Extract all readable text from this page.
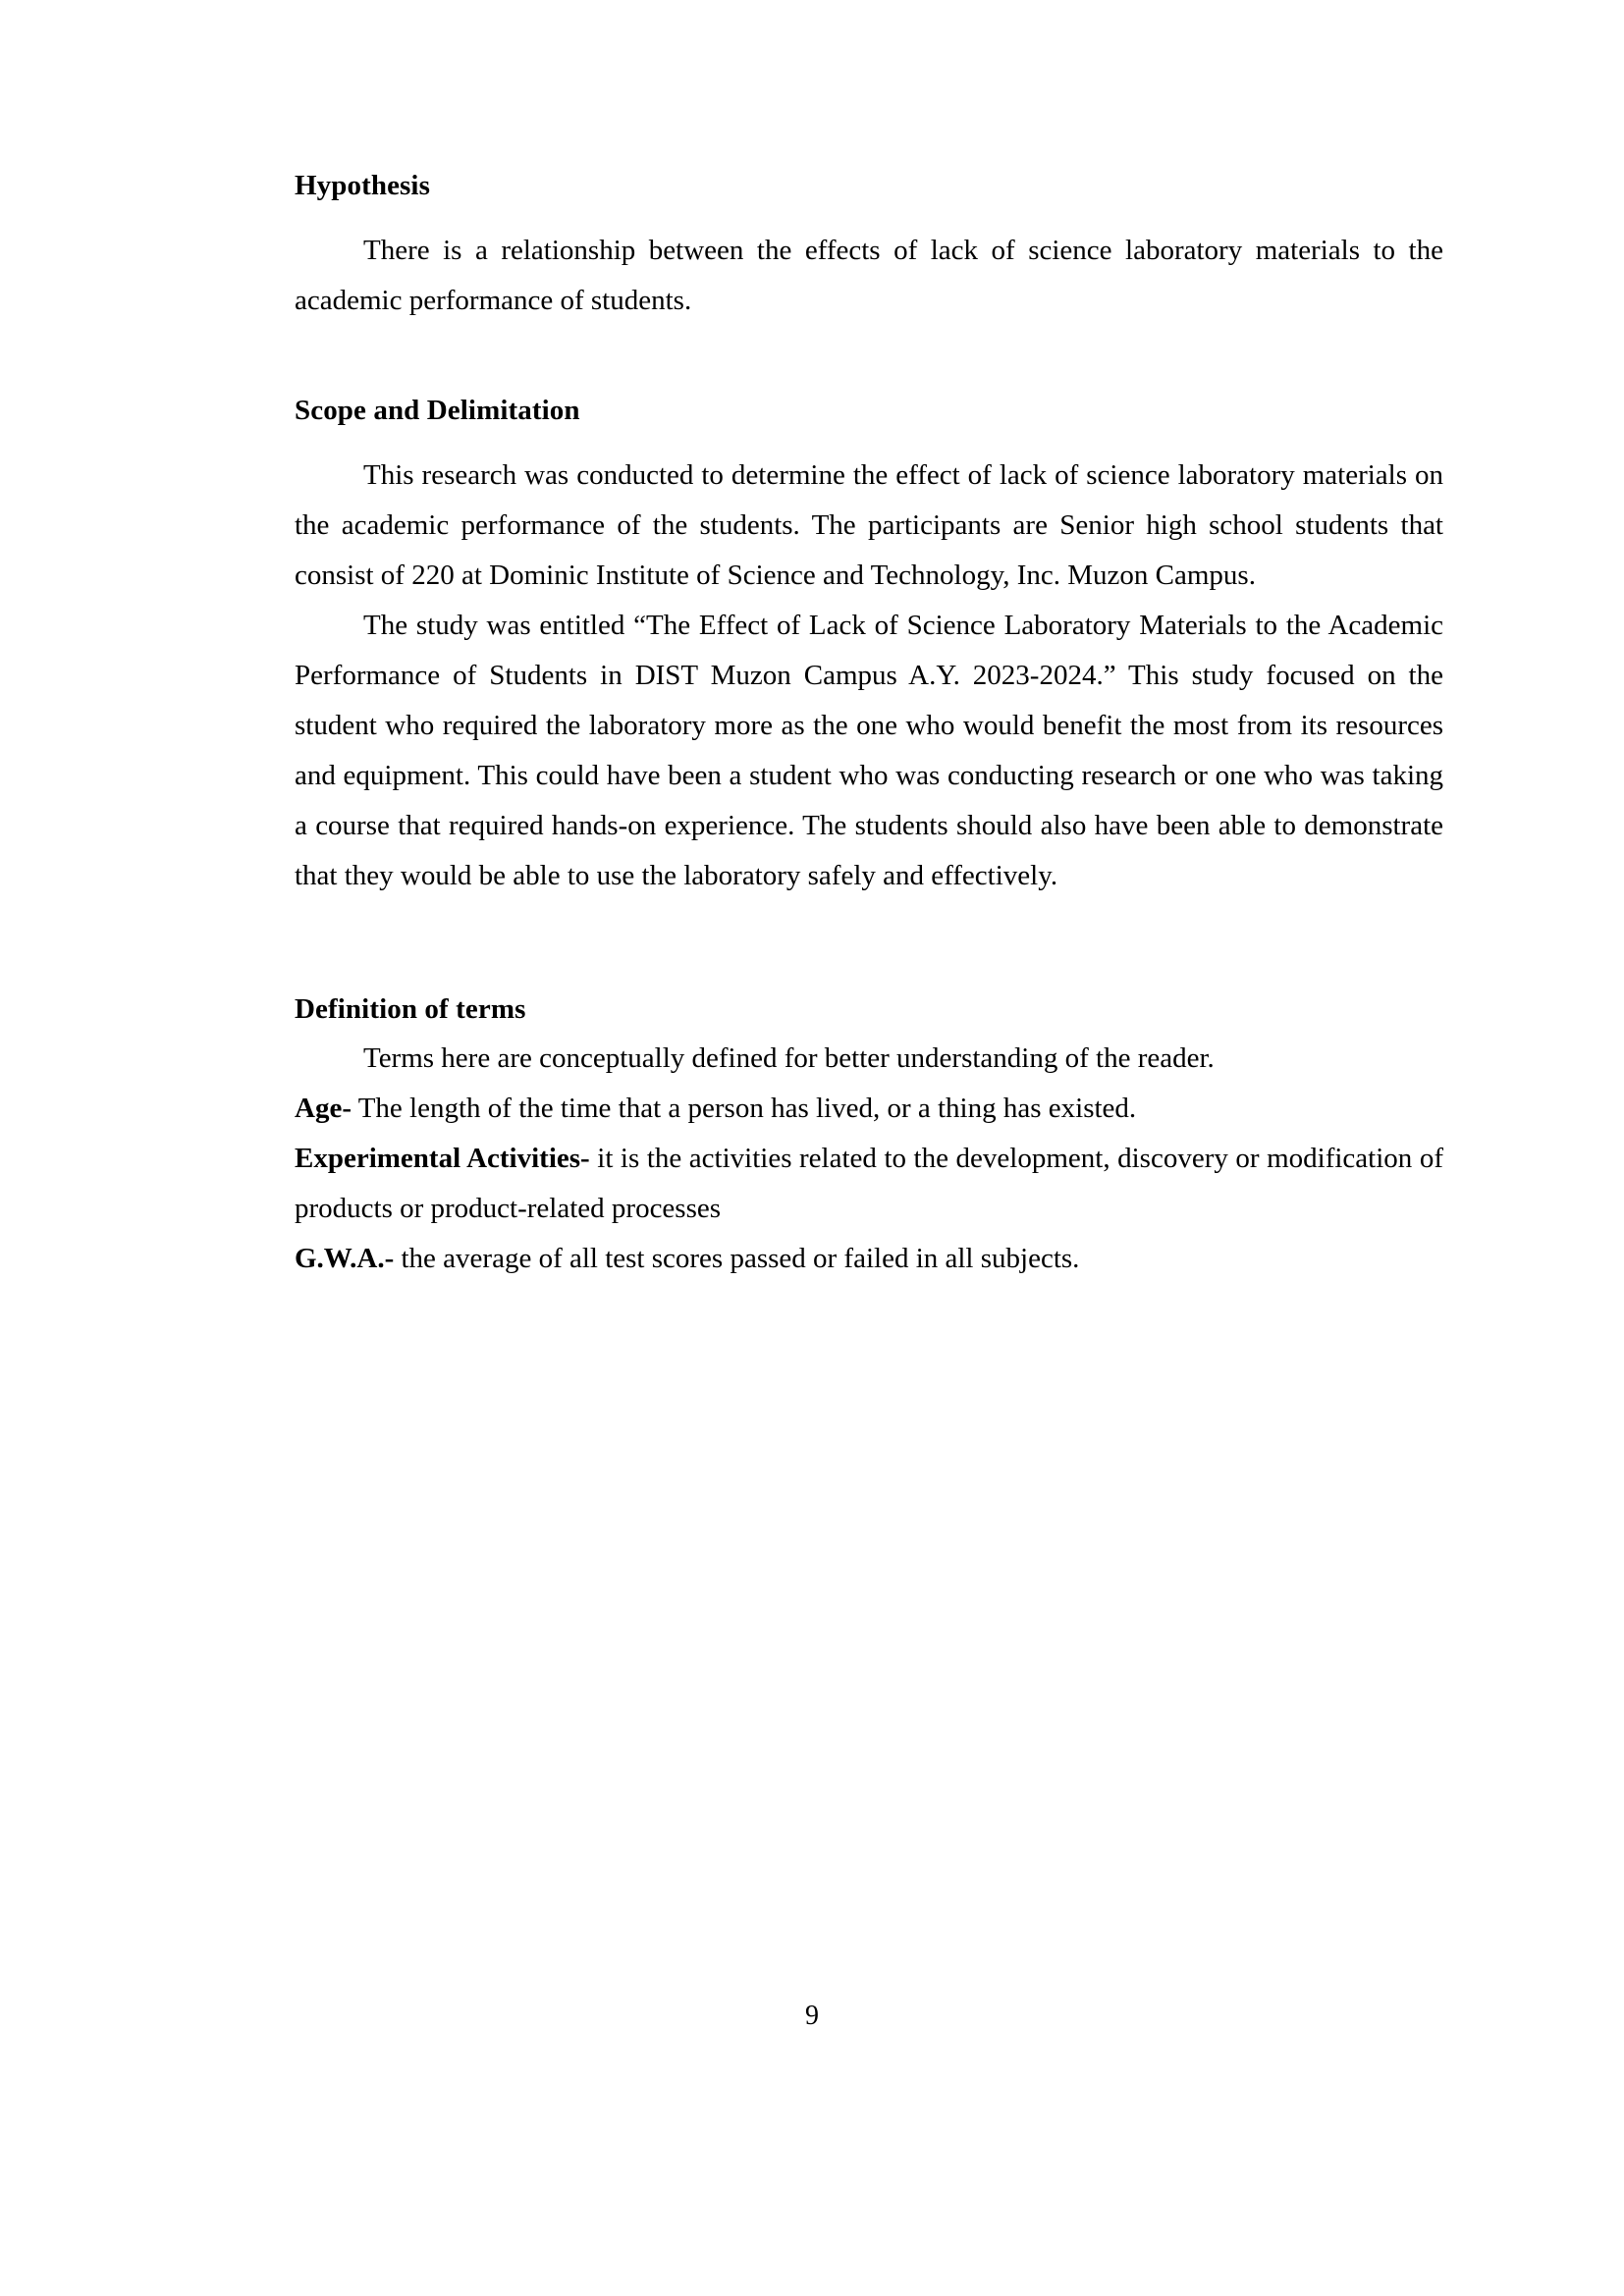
Hypothesis

There is a relationship between the effects of lack of science laboratory materials to the academic performance of students.

Scope and Delimitation

This research was conducted to determine the effect of lack of science laboratory materials on the academic performance of the students. The participants are Senior high school students that consist of 220 at Dominic Institute of Science and Technology, Inc. Muzon Campus.

The study was entitled “The Effect of Lack of Science Laboratory Materials to the Academic Performance of Students in DIST Muzon Campus A.Y. 2023-2024.” This study focused on the student who required the laboratory more as the one who would benefit the most from its resources and equipment. This could have been a student who was conducting research or one who was taking a course that required hands-on experience. The students should also have been able to demonstrate that they would be able to use the laboratory safely and effectively.

Definition of terms

Terms here are conceptually defined for better understanding of the reader.

Age- The length of the time that a person has lived, or a thing has existed.

Experimental Activities- it is the activities related to the development, discovery or modification of products or product-related processes

G.W.A.- the average of all test scores passed or failed in all subjects.

9
